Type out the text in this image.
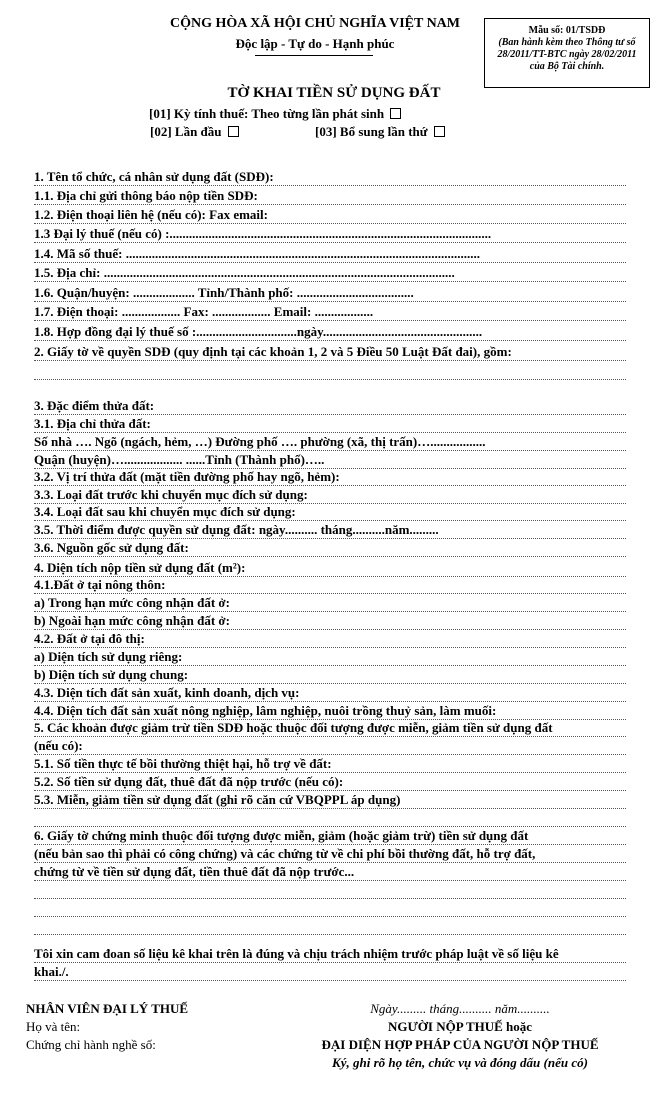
CỘNG HÒA XÃ HỘI CHỦ NGHĨA VIỆT NAM
Độc lập - Tự do - Hạnh phúc
Mẫu số: 01/TSDĐ
(Ban hành kèm theo Thông tư số 28/2011/TT-BTC ngày 28/02/2011 của Bộ Tài chính.
TỜ KHAI TIỀN SỬ DỤNG ĐẤT
[01] Kỳ tính thuế: Theo từng lần phát sinh
[02] Lần đầu	[03] Bổ sung lần thứ
1. Tên tổ chức, cá nhân sử dụng đất (SDĐ):
1.1. Địa chỉ gửi thông báo nộp tiền SDĐ:
1.2. Điện thoại liên hệ (nếu có): Fax email:
1.3 Đại lý thuế (nếu có) :...................................................................................................
1.4. Mã số thuế: .............................................................................................................
1.5. Địa chỉ: ............................................................................................................
1.6. Quận/huyện: ................... Tỉnh/Thành phố: ....................................
1.7. Điện thoại: .................. Fax: .................. Email: ..................
1.8. Hợp đồng đại lý thuế số :...............................ngày.................................................
2. Giấy tờ về quyền SDĐ (quy định tại các khoản 1, 2 và 5 Điều 50 Luật Đất đai), gồm:
3. Đặc điểm thửa đất:
3.1. Địa chỉ thửa đất:
Số nhà …. Ngõ (ngách, hẻm, …) Đường phố …. phường (xã, thị trấn)….................
Quận (huyện)….................. ......Tỉnh (Thành phố)…..
3.2. Vị trí thửa đất (mặt tiền đường phố hay ngõ, hẻm):
3.3. Loại đất trước khi chuyển mục đích sử dụng:
3.4. Loại đất sau khi chuyển mục đích sử dụng:
3.5. Thời điểm được quyền sử dụng đất: ngày.......... tháng..........năm.........
3.6. Nguồn gốc sử dụng đất:
4. Diện tích nộp tiền sử dụng đất (m²):
4.1.Đất ở tại nông thôn:
a) Trong hạn mức công nhận đất ở:
b) Ngoài hạn mức công nhận đất ở:
4.2. Đất ở tại đô thị:
a) Diện tích sử dụng riêng:
b) Diện tích sử dụng chung:
4.3. Diện tích đất sản xuất, kinh doanh, dịch vụ:
4.4. Diện tích đất sản xuất nông nghiệp, lâm nghiệp, nuôi trồng thuỷ sản, làm muối:
5. Các khoản được giảm trừ tiền SDĐ hoặc thuộc đối tượng được miễn, giảm tiền sử dụng đất
(nếu có):
5.1. Số tiền thực tế bồi thường thiệt hại, hỗ trợ về đất:
5.2. Số tiền sử dụng đất, thuê đất đã nộp trước (nếu có):
5.3. Miễn, giảm tiền sử dụng đất (ghi rõ căn cứ VBQPPL áp dụng)
6. Giấy tờ chứng minh thuộc đối tượng được miễn, giảm (hoặc giảm trừ) tiền sử dụng đất
(nếu bản sao thì phải có công chứng) và các chứng từ về chi phí bồi thường đất, hỗ trợ đất,
chứng từ về tiền sử dụng đất, tiền thuê đất đã nộp trước...
Tôi xin cam đoan số liệu kê khai trên là đúng và chịu trách nhiệm trước pháp luật về số liệu kê
khai./.
NHÂN VIÊN ĐẠI LÝ THUẾ
Họ và tên:
Chứng chỉ hành nghề số:
Ngày......... tháng.......... năm..........
NGƯỜI NỘP THUẾ hoặc
ĐẠI DIỆN HỢP PHÁP CỦA NGƯỜI NỘP THUẾ
Ký, ghi rõ họ tên, chức vụ và đóng dấu (nếu có)
